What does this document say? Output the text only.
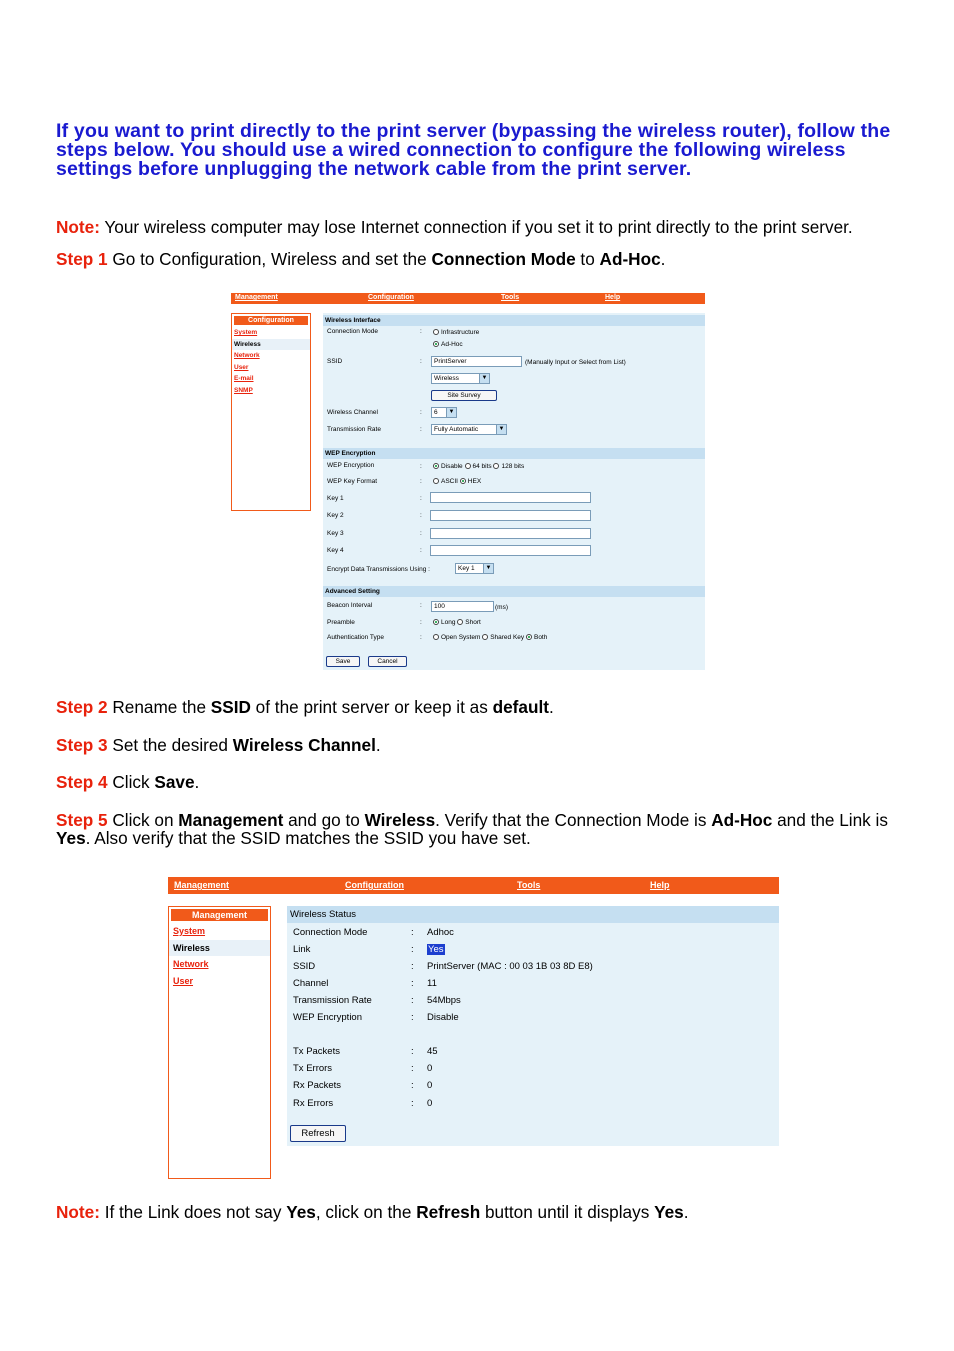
If you want to print directly to the print server (bypassing the wireless router), follow the steps below. You should use a wired connection to configure the following wireless settings before unplugging the network cable from the print server.

Note: Your wireless computer may lose Internet connection if you set it to print directly to the print server.

Step 1 Go to Configuration, Wireless and set the Connection Mode to Ad-Hoc.

Management	Configuration	Tools	Help
Configuration
System
Wireless
Network
User
E-mail
SNMP
Wireless Interface
Connection Mode	:	Infrastructure
Ad-Hoc
SSID	:	PrintServer	(Manually Input or Select from List)
Wireless	▼
Site Survey
Wireless Channel	:	6	▼
Transmission Rate	:	Fully Automatic	▼
WEP Encryption
WEP Encryption	:	Disable 64 bits 128 bits
WEP Key Format	:	ASCII HEX
Key 1	:
Key 2	:
Key 3	:
Key 4	:
Encrypt Data Transmissions Using :	Key 1	▼
Advanced Setting
Beacon Interval	:	100	(ms)
Preamble	:	Long Short
Authentication Type	:	Open System Shared Key Both
Save	Cancel

Step 2 Rename the SSID of the print server or keep it as default.

Step 3 Set the desired Wireless Channel.

Step 4 Click Save.

Step 5 Click on Management and go to Wireless. Verify that the Connection Mode is Ad-Hoc and the Link is Yes. Also verify that the SSID matches the SSID you have set.

Management	Configuration	Tools	Help
Management
System
Wireless
Network
User
Wireless Status
Connection Mode	: Adhoc
Link	: Yes
SSID	: PrintServer (MAC : 00 03 1B 03 8D E8)
Channel	: 11
Transmission Rate	: 54Mbps
WEP Encryption	: Disable
Tx Packets	: 45
Tx Errors	: 0
Rx Packets	: 0
Rx Errors	: 0
Refresh

Note: If the Link does not say Yes, click on the Refresh button until it displays Yes.
